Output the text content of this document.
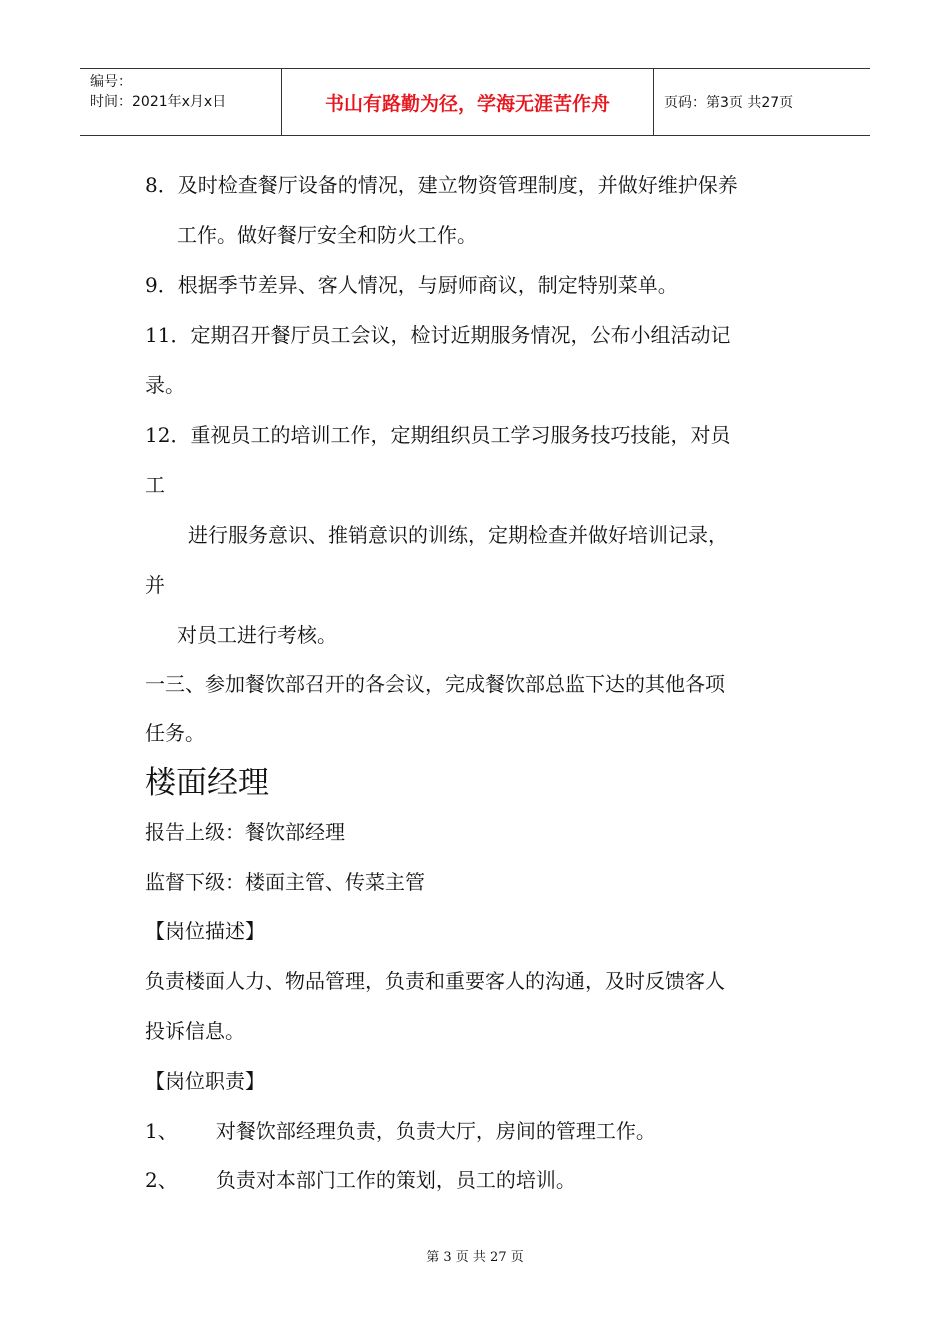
编号：
时间：2021年x月x日	书山有路勤为径，学海无涯苦作舟	页码：第3页 共27页
8．及时检查餐厅设备的情况，建立物资管理制度，并做好维护保养
工作。做好餐厅安全和防火工作。
9．根据季节差异、客人情况，与厨师商议，制定特别菜单。
11．定期召开餐厅员工会议，检讨近期服务情况，公布小组活动记
录。
12．重视员工的培训工作，定期组织员工学习服务技巧技能，对员
工
进行服务意识、推销意识的训练，定期检查并做好培训记录，
并
对员工进行考核。
一三、参加餐饮部召开的各会议，完成餐饮部总监下达的其他各项
任务。
楼面经理
报告上级：餐饮部经理
监督下级：楼面主管、传菜主管
【岗位描述】
负责楼面人力、物品管理，负责和重要客人的沟通，及时反馈客人
投诉信息。
【岗位职责】
1、      对餐饮部经理负责，负责大厅，房间的管理工作。
2、      负责对本部门工作的策划，员工的培训。
第 3 页 共 27 页
